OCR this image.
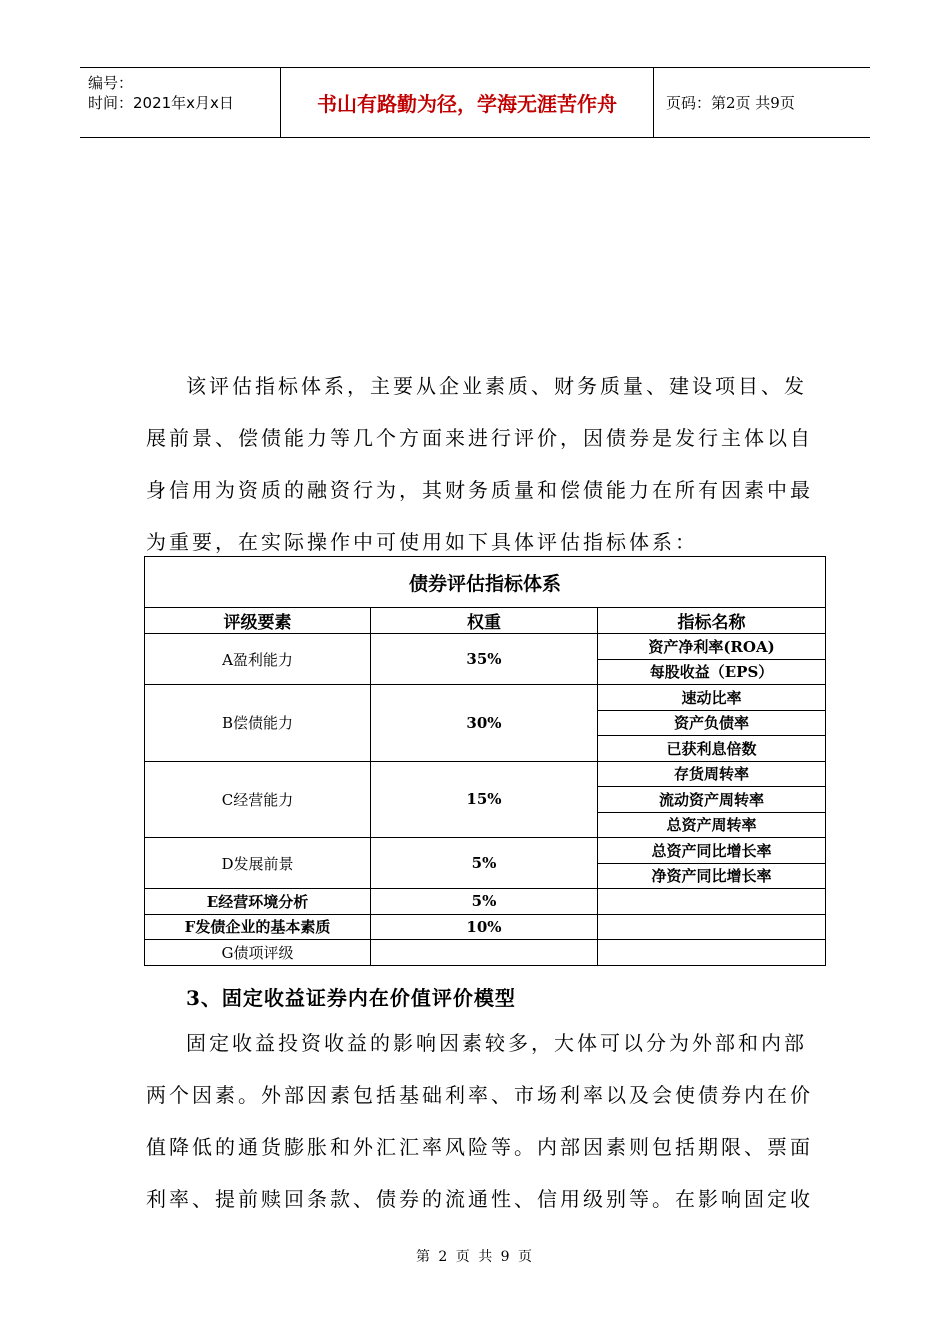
编号：
时间：2021年x月x日	书山有路勤为径，学海无涯苦作舟	页码：第2页 共9页
该评估指标体系，主要从企业素质、财务质量、建设项目、发
展前景、偿债能力等几个方面来进行评价，因债券是发行主体以自
身信用为资质的融资行为，其财务质量和偿债能力在所有因素中最
为重要，在实际操作中可使用如下具体评估指标体系：
债券评估指标体系		
评级要素	权重	指标名称
A盈利能力	35%	资产净利率(ROA)
		每股收益（EPS）
B偿债能力	30%	速动比率
		资产负债率
		已获利息倍数
C经营能力	15%	存货周转率
		流动资产周转率
		总资产周转率
D发展前景	5%	总资产同比增长率
		净资产同比增长率
E经营环境分析	5%	
F发债企业的基本素质	10%	
G债项评级		
3、固定收益证券内在价值评价模型
固定收益投资收益的影响因素较多，大体可以分为外部和内部
两个因素。外部因素包括基础利率、市场利率以及会使债券内在价
值降低的通货膨胀和外汇汇率风险等。内部因素则包括期限、票面
利率、提前赎回条款、债券的流通性、信用级别等。在影响固定收
第 2 页 共 9 页
